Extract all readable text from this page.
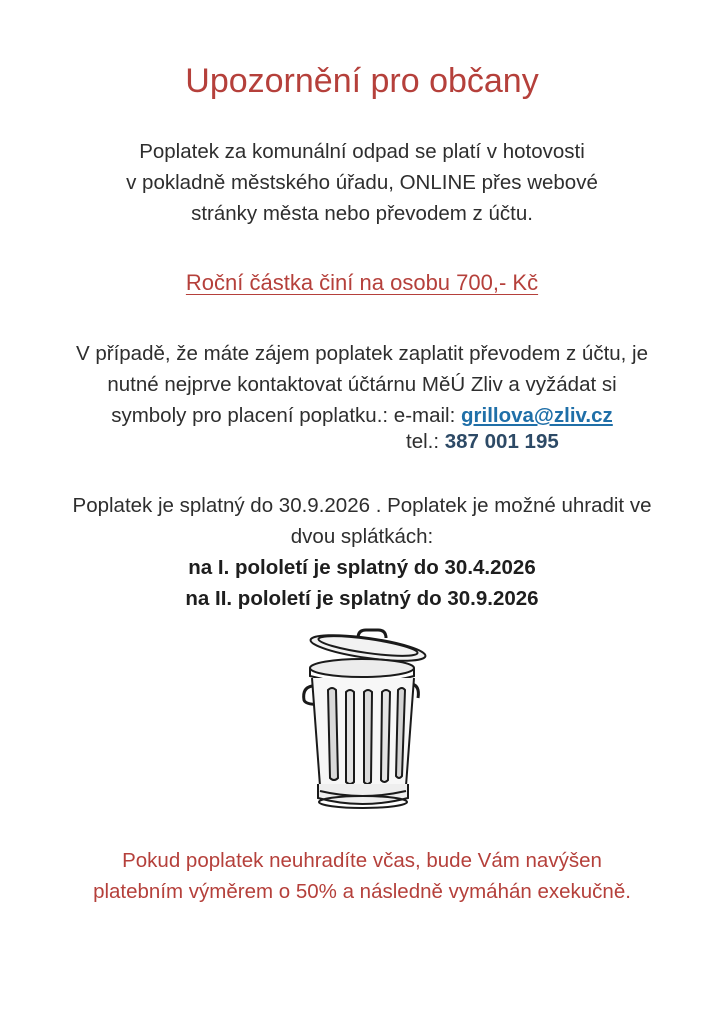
Upozornění pro občany
Poplatek za komunální odpad se platí v hotovosti
v pokladně městského úřadu, ONLINE přes webové
stránky města nebo převodem z účtu.
Roční částka činí na osobu 700,- Kč
V případě, že máte zájem poplatek zaplatit převodem z účtu, je
nutné nejprve kontaktovat účtárnu MěÚ Zliv a vyžádat si
symboly pro placení poplatku.: e-mail: grillova@zliv.cz
tel.: 387 001 195
Poplatek je splatný do 30.9.2026 . Poplatek je možné uhradit ve
dvou splátkách:
na I. pololetí je splatný do 30.4.2026
na II. pololetí je splatný do 30.9.2026
Pokud poplatek neuhradíte včas, bude Vám navýšen
platebním výměrem o 50% a následně vymáhán exekučně.
